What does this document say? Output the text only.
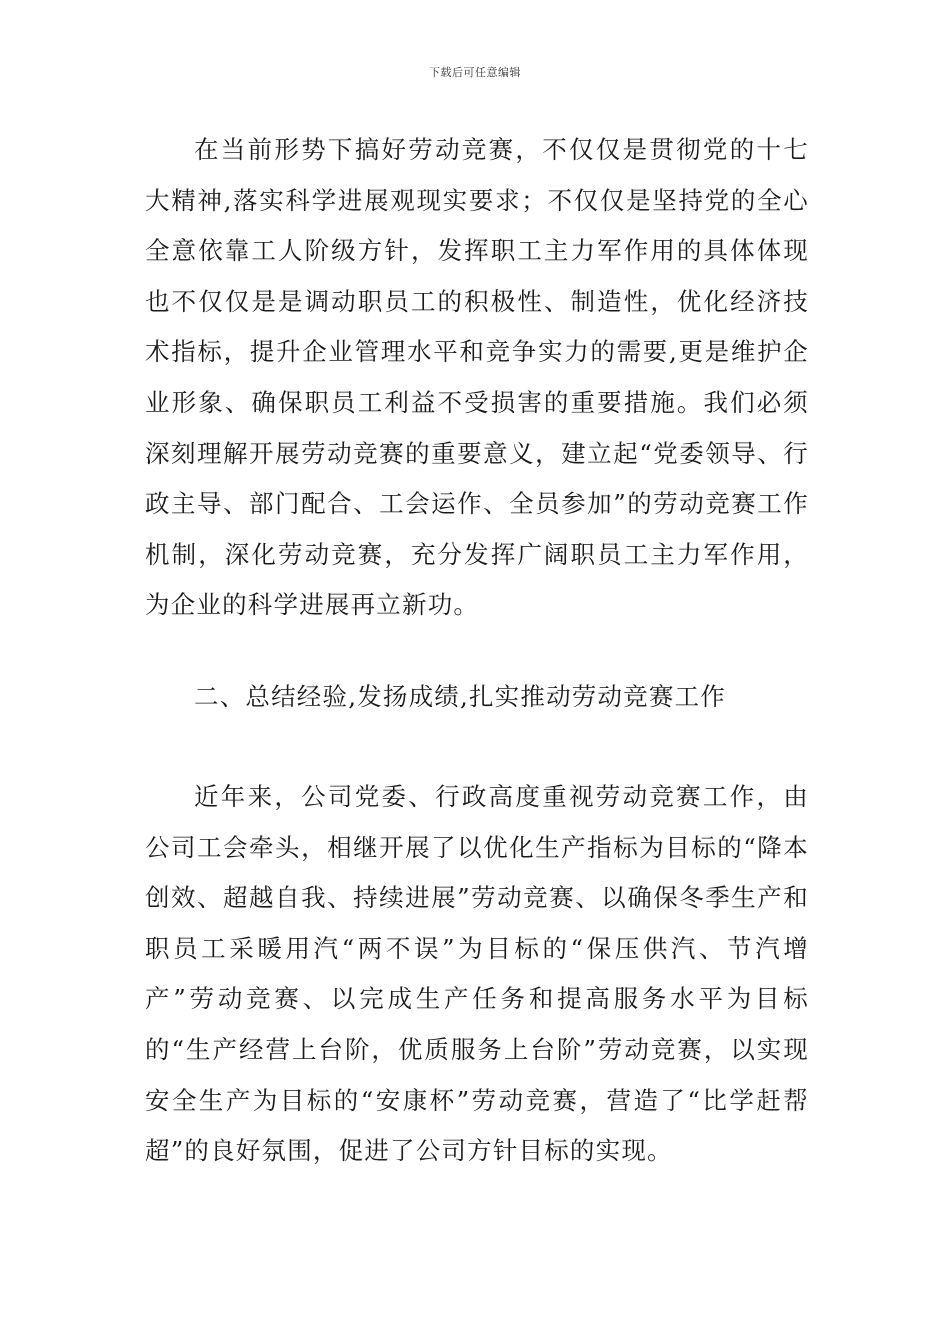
下载后可任意编辑

在当前形势下搞好劳动竞赛，不仅仅是贯彻党的十七大精神,落实科学进展观现实要求；不仅仅是坚持党的全心全意依靠工人阶级方针，发挥职工主力军作用的具体体现也不仅仅是是调动职员工的积极性、制造性，优化经济技术指标，提升企业管理水平和竞争实力的需要,更是维护企业形象、确保职员工利益不受损害的重要措施。我们必须深刻理解开展劳动竞赛的重要意义，建立起“党委领导、行政主导、部门配合、工会运作、全员参加”的劳动竞赛工作机制，深化劳动竞赛，充分发挥广阔职员工主力军作用，为企业的科学进展再立新功。

二、总结经验,发扬成绩,扎实推动劳动竞赛工作

近年来，公司党委、行政高度重视劳动竞赛工作，由公司工会牵头，相继开展了以优化生产指标为目标的“降本创效、超越自我、持续进展”劳动竞赛、以确保冬季生产和职员工采暖用汽“两不误”为目标的“保压供汽、节汽增产”劳动竞赛、以完成生产任务和提高服务水平为目标的“生产经营上台阶，优质服务上台阶”劳动竞赛，以实现安全生产为目标的“安康杯”劳动竞赛，营造了“比学赶帮超”的良好氛围，促进了公司方针目标的实现。
